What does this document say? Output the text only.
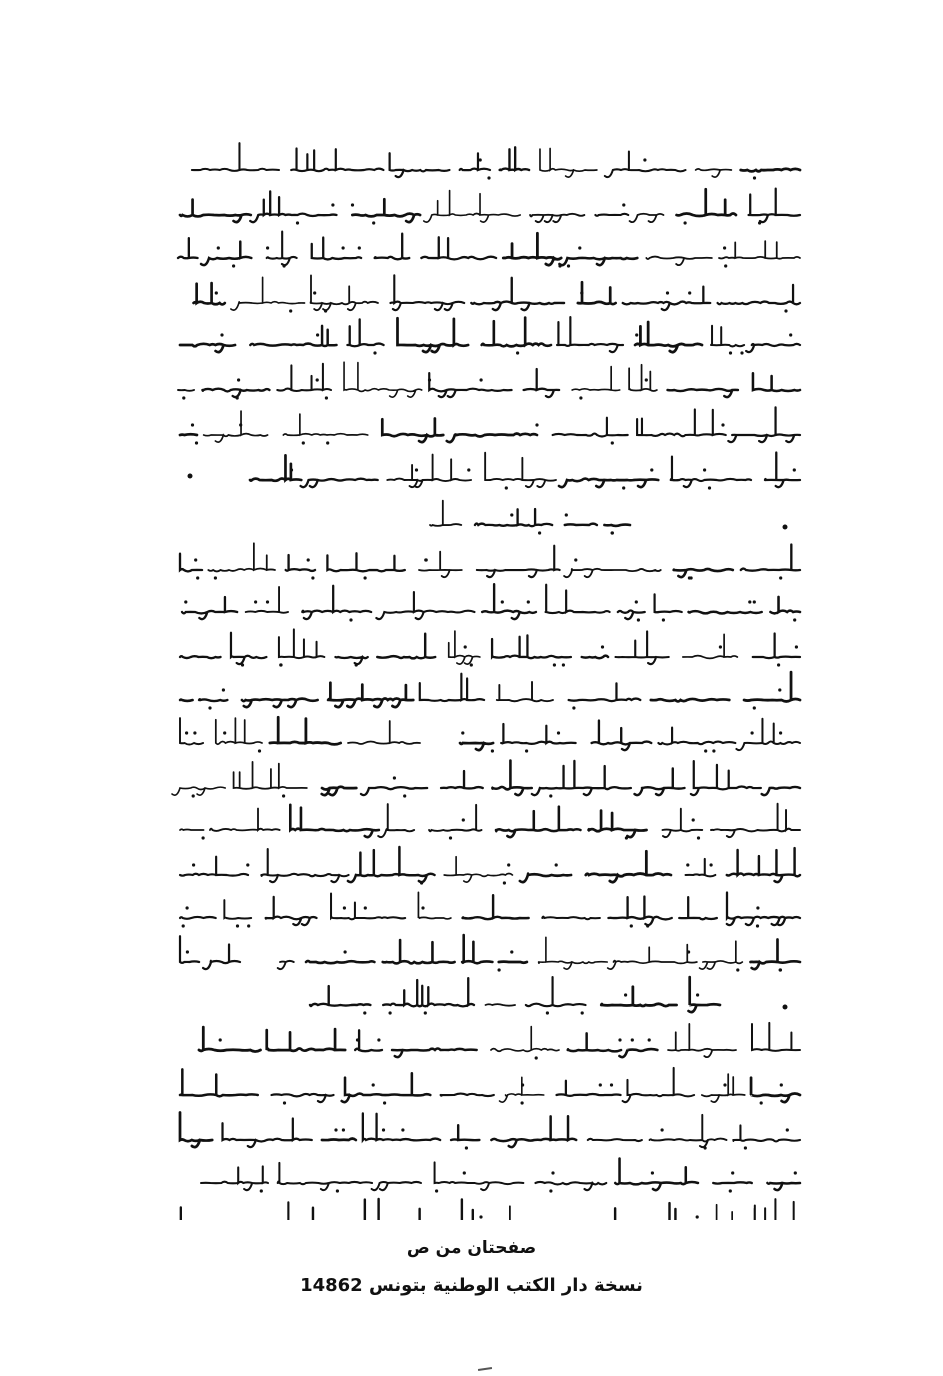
صفحتان من ص
نسخة دار الكتب الوطنية بتونس 14862
